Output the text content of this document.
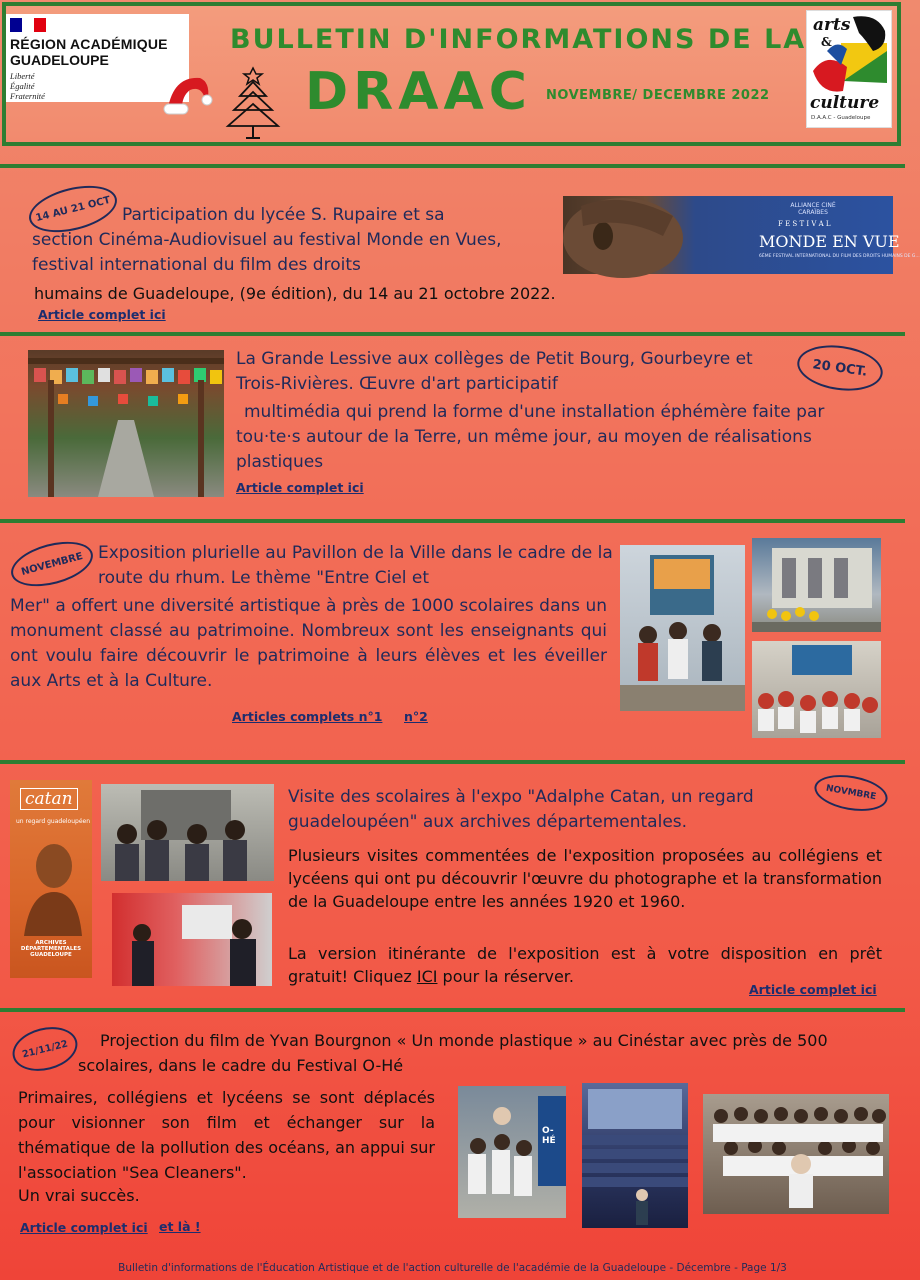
RÉGION ACADÉMIQUE
GUADELOUPE
Liberté
Égalité
Fraternité
BULLETIN D'INFORMATIONS DE LA
DRAAC NOVEMBRE/ DECEMBRE 2022
arts
&
culture
D.A.A.C - Guadeloupe
14 AU 21 OCT Participation du lycée S. Rupaire et sa
section Cinéma-Audiovisuel au festival Monde en Vues, festival international du film des droits
humains de Guadeloupe, (9e édition), du 14 au 21 octobre 2022.
Article complet ici
ALLIANCE CINÉ CARAÏBES
F E S T I V A L
MONDE EN VUE
6ÈME FESTIVAL INTERNATIONAL DU FILM DES DROITS HUMAINS DE G...
20 OCT.
La Grande Lessive aux collèges de Petit Bourg, Gourbeyre et Trois-Rivières. Œuvre d'art participatif
multimédia qui prend la forme d'une installation éphémère faite par tou·te·s autour de la Terre, un même jour, au moyen de réalisations plastiques
Article complet ici
NOVEMBRE Exposition plurielle au Pavillon de la Ville dans le cadre de la route du rhum. Le thème "Entre Ciel et
Mer" a offert une diversité artistique à près de 1000 scolaires dans un monument classé au patrimoine. Nombreux sont les enseignants qui ont voulu faire découvrir le patrimoine à leurs élèves et les éveiller aux Arts et à la Culture.
Articles complets n°1 n°2
catan
un regard guadeloupéen
ARCHIVES DÉPARTEMENTALES GUADELOUPE
NOVMBRE
Visite des scolaires à l'expo "Adalphe Catan, un regard guadeloupéen" aux archives départementales.
Plusieurs visites commentées de l'exposition proposées au collégiens et lycéens qui ont pu découvrir l'œuvre du photographe et la transformation de la Guadeloupe entre les années 1920 et 1960.
La version itinérante de l'exposition est à votre disposition en prêt gratuit! Cliquez ICI pour la réserver.
Article complet ici
21/11/22	Projection du film de Yvan Bourgnon « Un monde plastique » au Cinéstar avec près de 500 scolaires, dans le cadre du Festival O-Hé
Primaires, collégiens et lycéens se sont déplacés pour visionner son film et échanger sur la thématique de la pollution des océans, an appui sur l'association "Sea Cleaners".
Un vrai succès.
Article complet ici et là !
O-HÉ
Bulletin d'informations de l'Éducation Artistique et de l'action culturelle de l'académie de la Guadeloupe - Décembre - Page 1/3
